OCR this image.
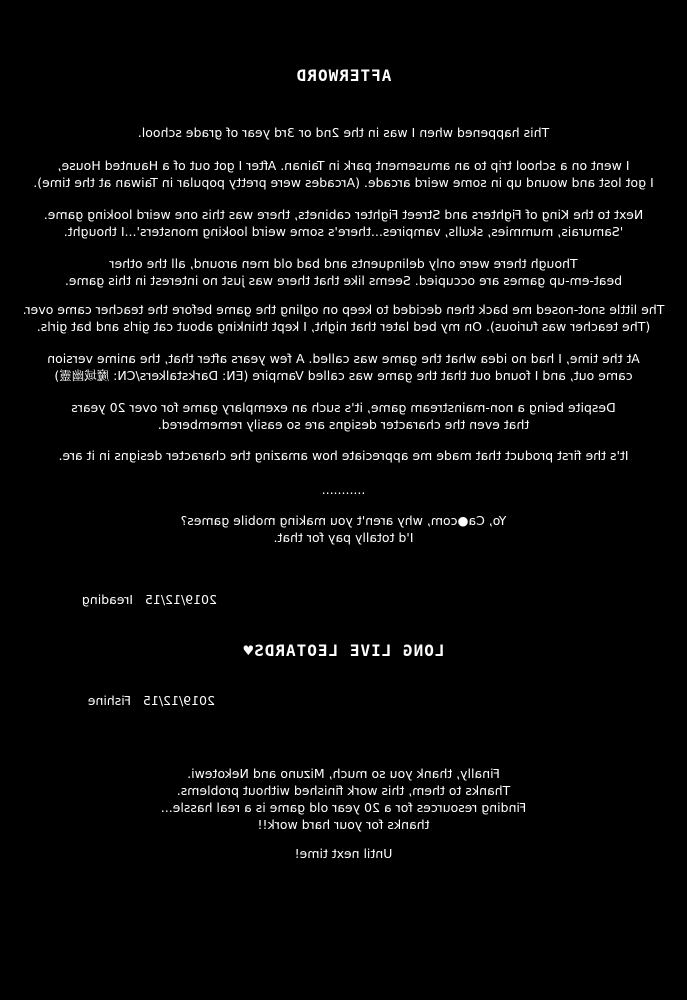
AFTERWORD
This happened when I was in the 2nd or 3rd year of grade school.
I went on a school trip to an amusement park in Tainan. After I got out of a Haunted House,
I got lost and wound up in some weird arcade. (Arcades were pretty popular in Taiwan at the time).
Next to the King of Fighters and Street Fighter cabinets, there was this one weird looking game.
'Samurais, mummies, skulls, vampires...there's some weird looking monsters'...I thought.
Though there were only delinquents and bad old men around, all the other
beat-em-up games are occupied. Seems like that there was just no interest in this game.
The little snot-nosed me back then decided to keep on ogling the game before the teacher came over.
(The teacher was furious). On my bed later that night, I kept thinking about cat girls and bat girls.
At the time, I had no idea what the game was called. A few years after that, the anime version
came out, and I found out that the game was called Vampire (EN: Darkstalkers/CN: 魔域幽靈)
Despite being a non-mainstream game, it's such an exemplary game for over 20 years
that even the character designs are so easily remembered.
It's the first product that made me appreciate how amazing the character designs in it are.
...........
Yo, Ca●com, why aren't you making mobile games?
I'd totally pay for that.
2019/12/15   Ireading
LONG LIVE LEOTARDS♥
2019/12/15   Fishine
Finally, thank you so much, Mizuno and Nekotewi.
Thanks to them, this work finished without problems.
Finding resources for a 20 year old game is a real hassle...
thanks for your hard work!!
Until next time!
